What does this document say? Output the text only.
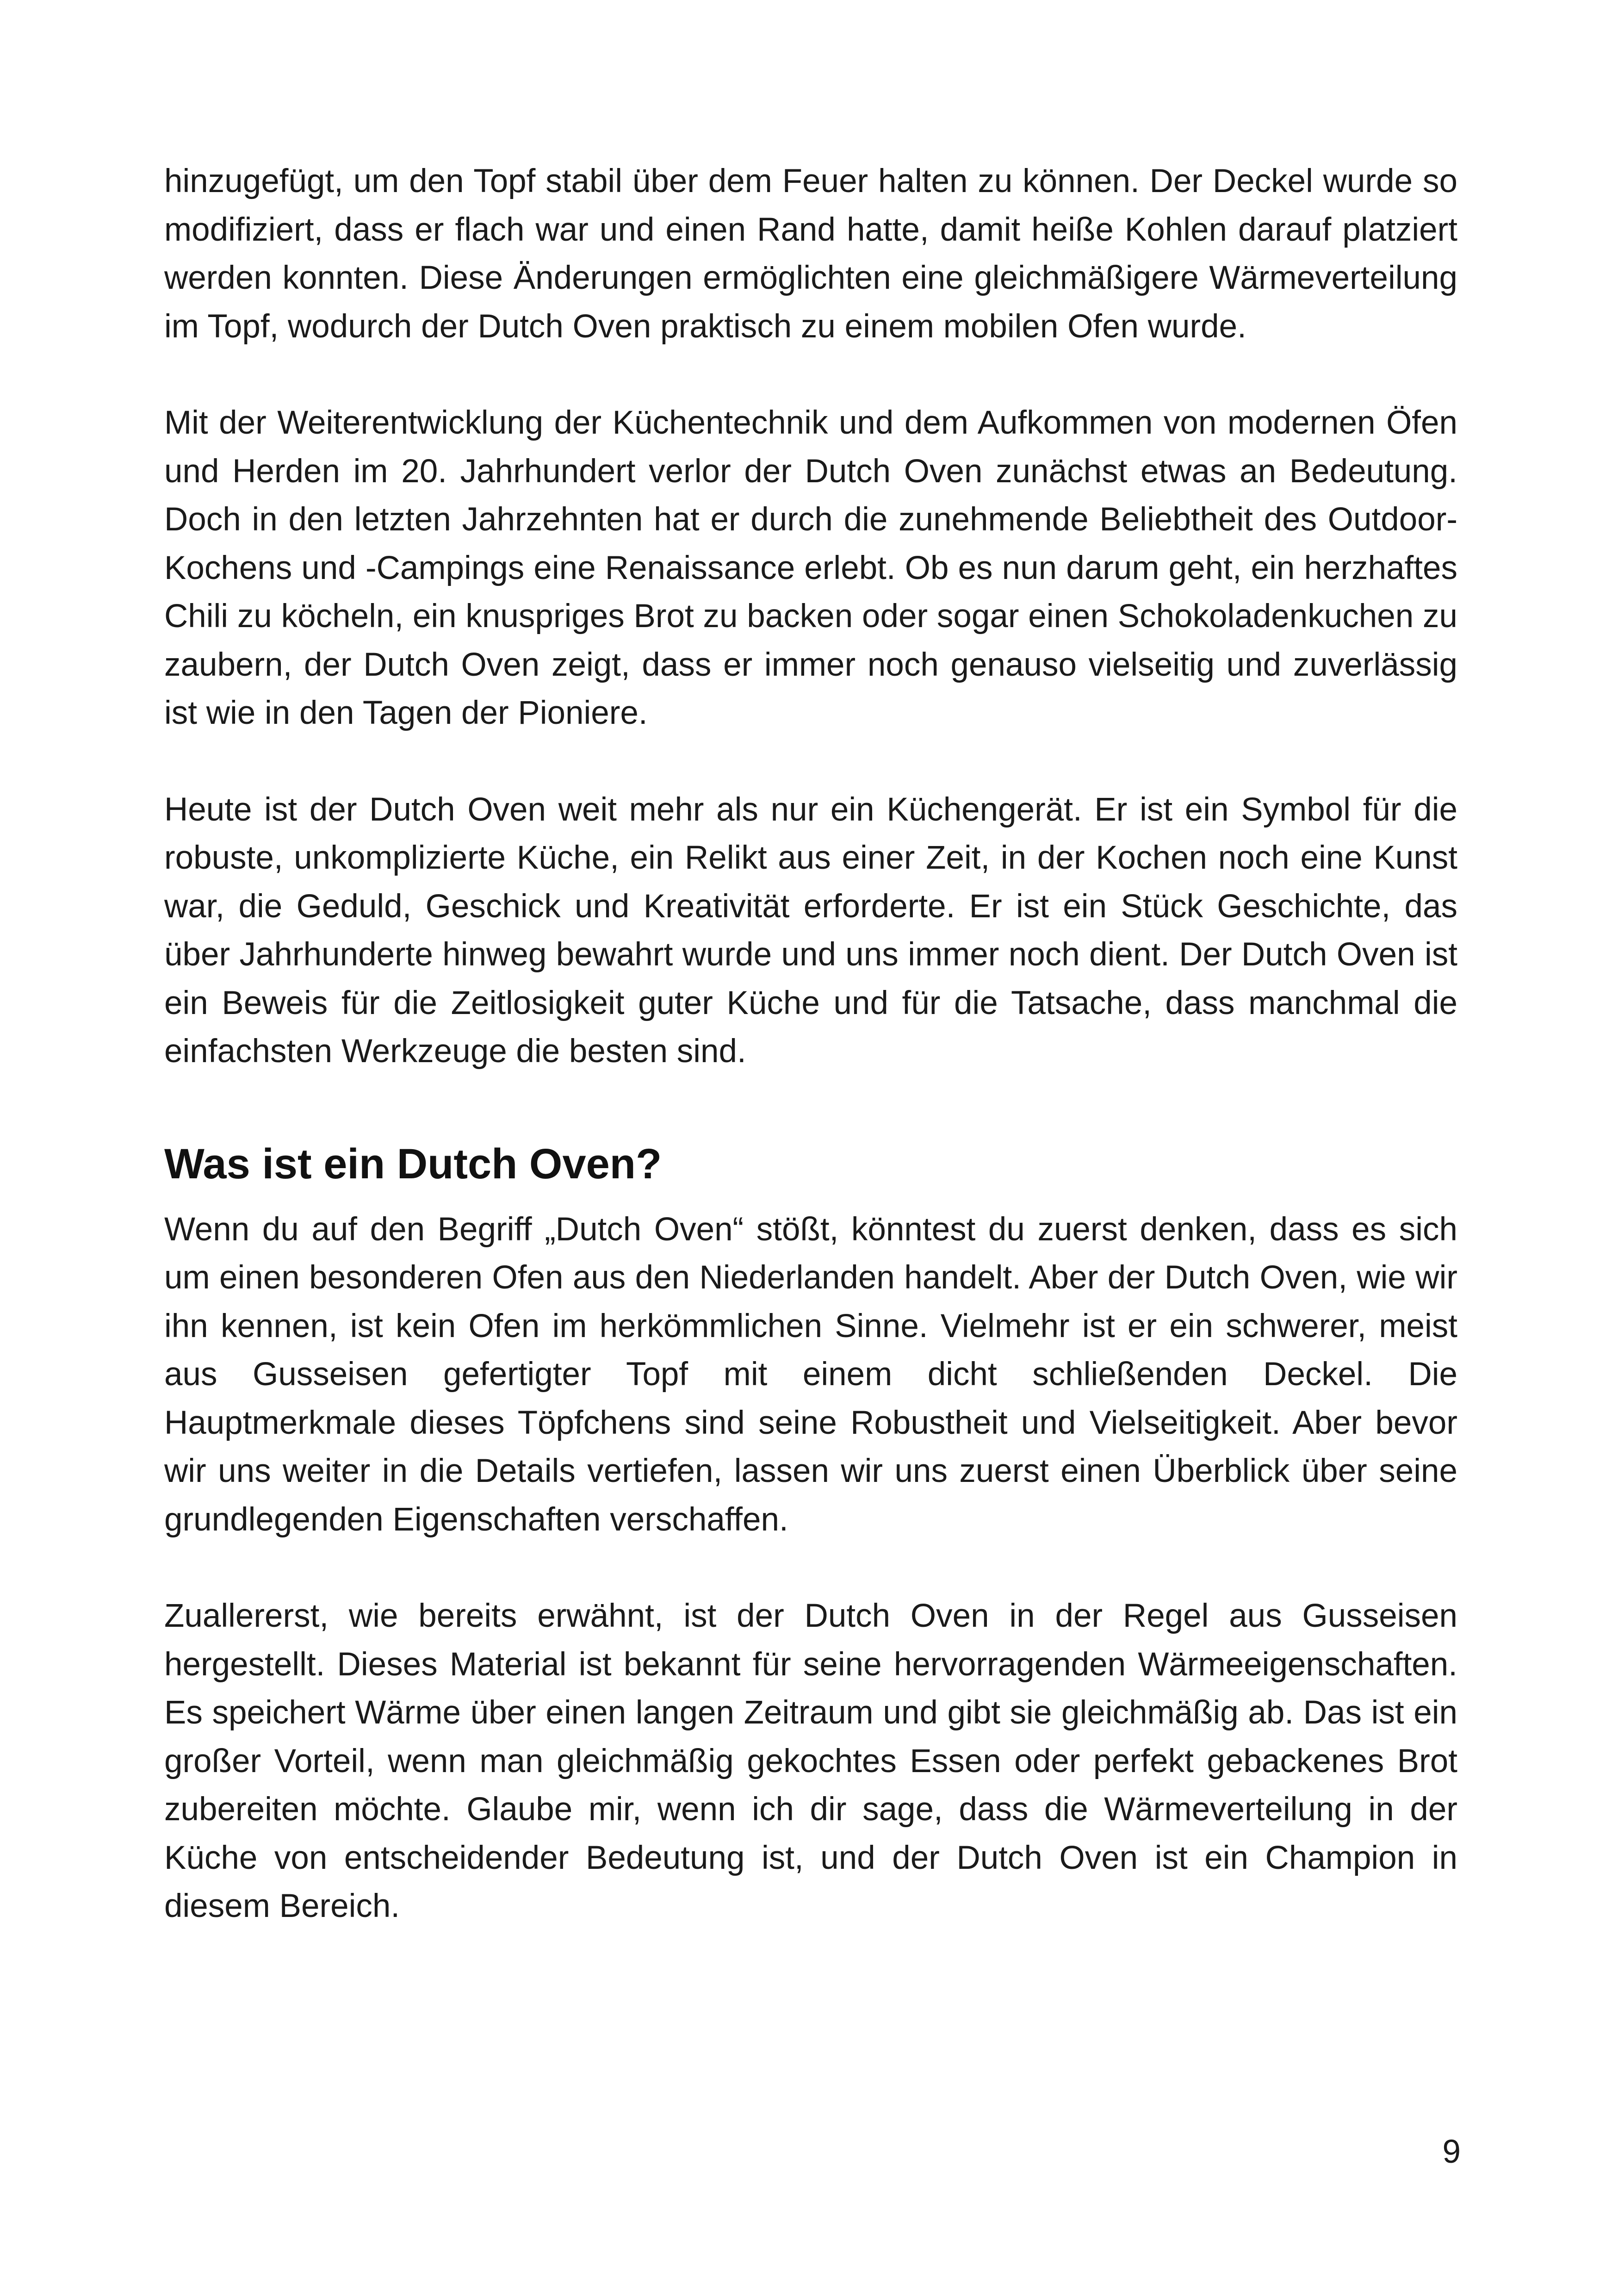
hinzugefügt, um den Topf stabil über dem Feuer halten zu können. Der Deckel wurde so modifiziert, dass er flach war und einen Rand hatte, damit heiße Kohlen darauf platziert werden konnten. Diese Änderungen ermöglichten eine gleichmäßigere Wärmeverteilung im Topf, wodurch der Dutch Oven praktisch zu einem mobilen Ofen wurde.

Mit der Weiterentwicklung der Küchentechnik und dem Aufkommen von modernen Öfen und Herden im 20. Jahrhundert verlor der Dutch Oven zunächst etwas an Bedeutung. Doch in den letzten Jahrzehnten hat er durch die zunehmende Beliebtheit des Outdoor-Kochens und -Campings eine Renaissance erlebt. Ob es nun darum geht, ein herzhaftes Chili zu köcheln, ein knuspriges Brot zu backen oder sogar einen Schokoladenkuchen zu zaubern, der Dutch Oven zeigt, dass er immer noch genauso vielseitig und zuverlässig ist wie in den Tagen der Pioniere.

Heute ist der Dutch Oven weit mehr als nur ein Küchengerät. Er ist ein Symbol für die robuste, unkomplizierte Küche, ein Relikt aus einer Zeit, in der Kochen noch eine Kunst war, die Geduld, Geschick und Kreativität erforderte. Er ist ein Stück Geschichte, das über Jahrhunderte hinweg bewahrt wurde und uns immer noch dient. Der Dutch Oven ist ein Beweis für die Zeitlosigkeit guter Küche und für die Tatsache, dass manchmal die einfachsten Werkzeuge die besten sind.

Was ist ein Dutch Oven?

Wenn du auf den Begriff „Dutch Oven“ stößt, könntest du zuerst denken, dass es sich um einen besonderen Ofen aus den Niederlanden handelt. Aber der Dutch Oven, wie wir ihn kennen, ist kein Ofen im herkömmlichen Sinne. Vielmehr ist er ein schwerer, meist aus Gusseisen gefertigter Topf mit einem dicht schließenden Deckel. Die Hauptmerkmale dieses Töpfchens sind seine Robustheit und Vielseitigkeit. Aber bevor wir uns weiter in die Details vertiefen, lassen wir uns zuerst einen Überblick über seine grundlegenden Eigenschaften verschaffen.

Zuallererst, wie bereits erwähnt, ist der Dutch Oven in der Regel aus Gusseisen hergestellt. Dieses Material ist bekannt für seine hervorragenden Wärmeeigenschaften. Es speichert Wärme über einen langen Zeitraum und gibt sie gleichmäßig ab. Das ist ein großer Vorteil, wenn man gleichmäßig gekochtes Essen oder perfekt gebackenes Brot zubereiten möchte. Glaube mir, wenn ich dir sage, dass die Wärmeverteilung in der Küche von entscheidender Bedeutung ist, und der Dutch Oven ist ein Champion in diesem Bereich.

9
